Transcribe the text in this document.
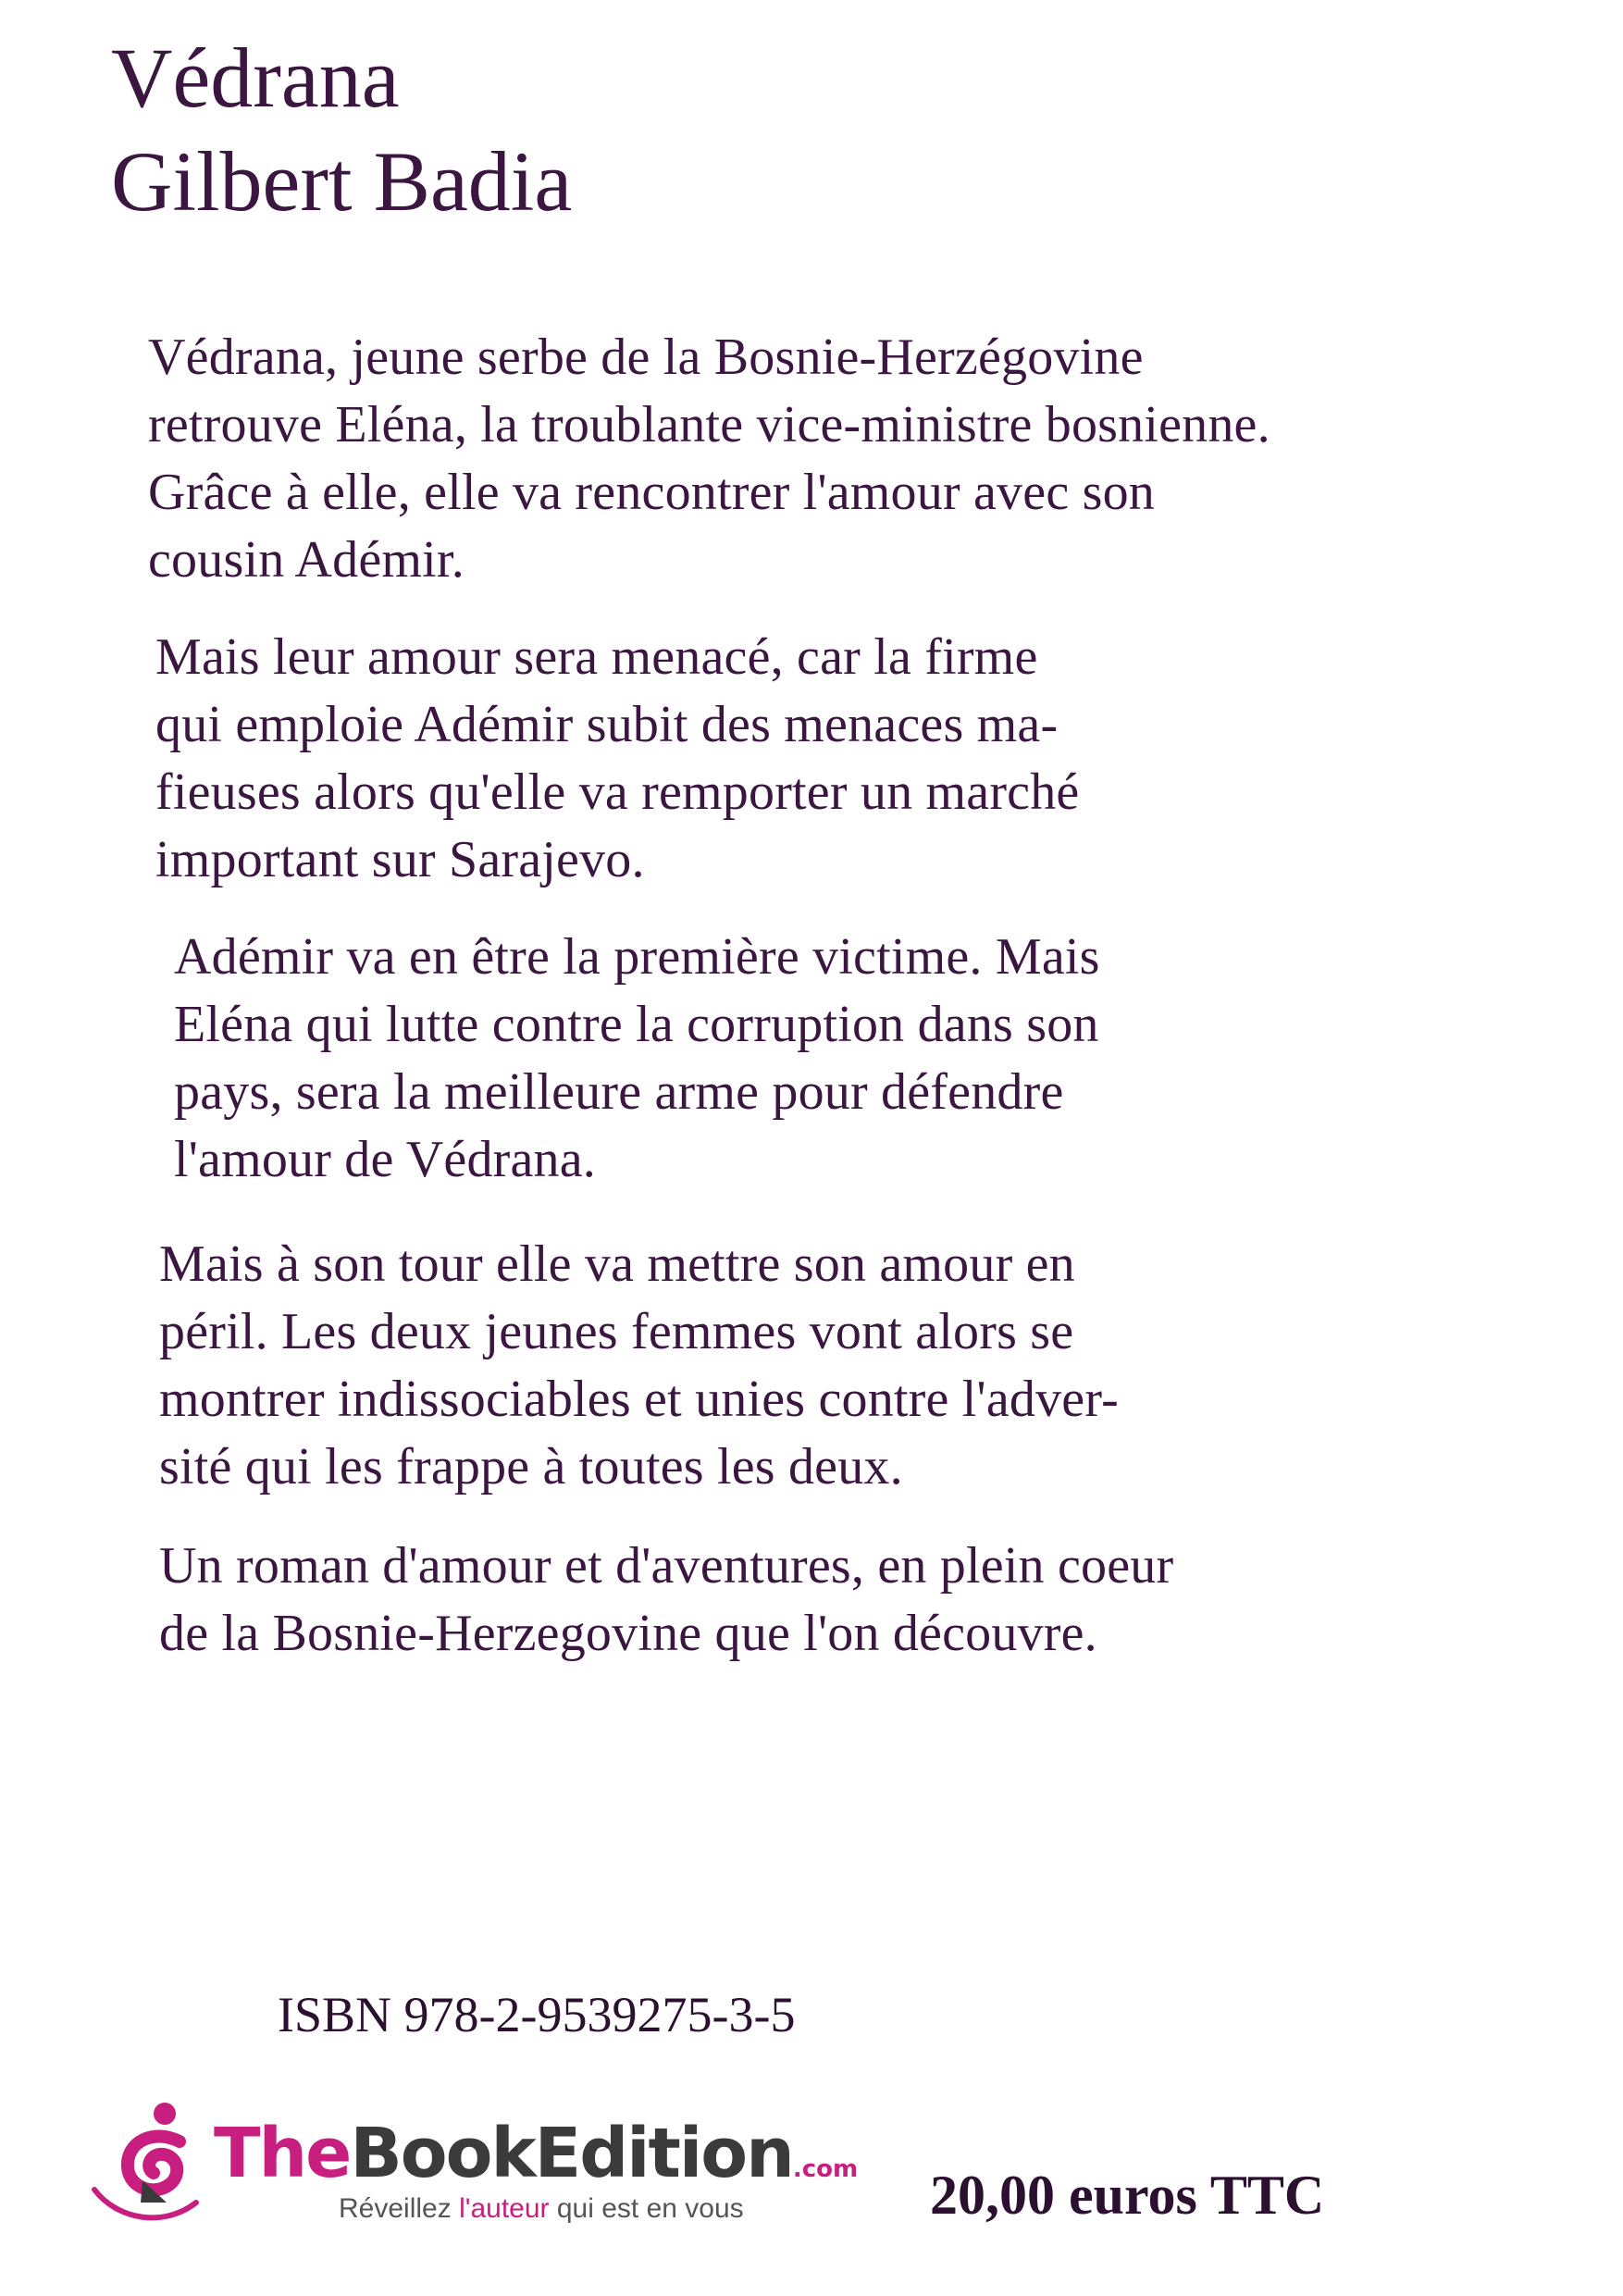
Védrana
Gilbert Badia
Védrana, jeune serbe de la Bosnie-Herzégovine
retrouve Eléna, la troublante vice-ministre bosnienne.
Grâce à elle, elle va rencontrer l'amour avec son
cousin Adémir.
Mais leur amour sera menacé, car la firme
qui emploie Adémir subit des menaces ma-
fieuses alors qu'elle va remporter un marché
important sur Sarajevo.
Adémir va en être la première victime. Mais
Eléna qui lutte contre la corruption dans son
pays, sera la meilleure arme pour défendre
l'amour de Védrana.
Mais à son tour elle va mettre son amour en
péril. Les deux jeunes femmes vont alors se
montrer indissociables et unies contre l'adver-
sité qui les frappe à toutes les deux.
Un roman d'amour et d'aventures, en plein coeur
de la Bosnie-Herzegovine que l'on découvre.
ISBN 978-2-9539275-3-5
TheBookEdition.com
Réveillez l'auteur qui est en vous	20,00 euros TTC
